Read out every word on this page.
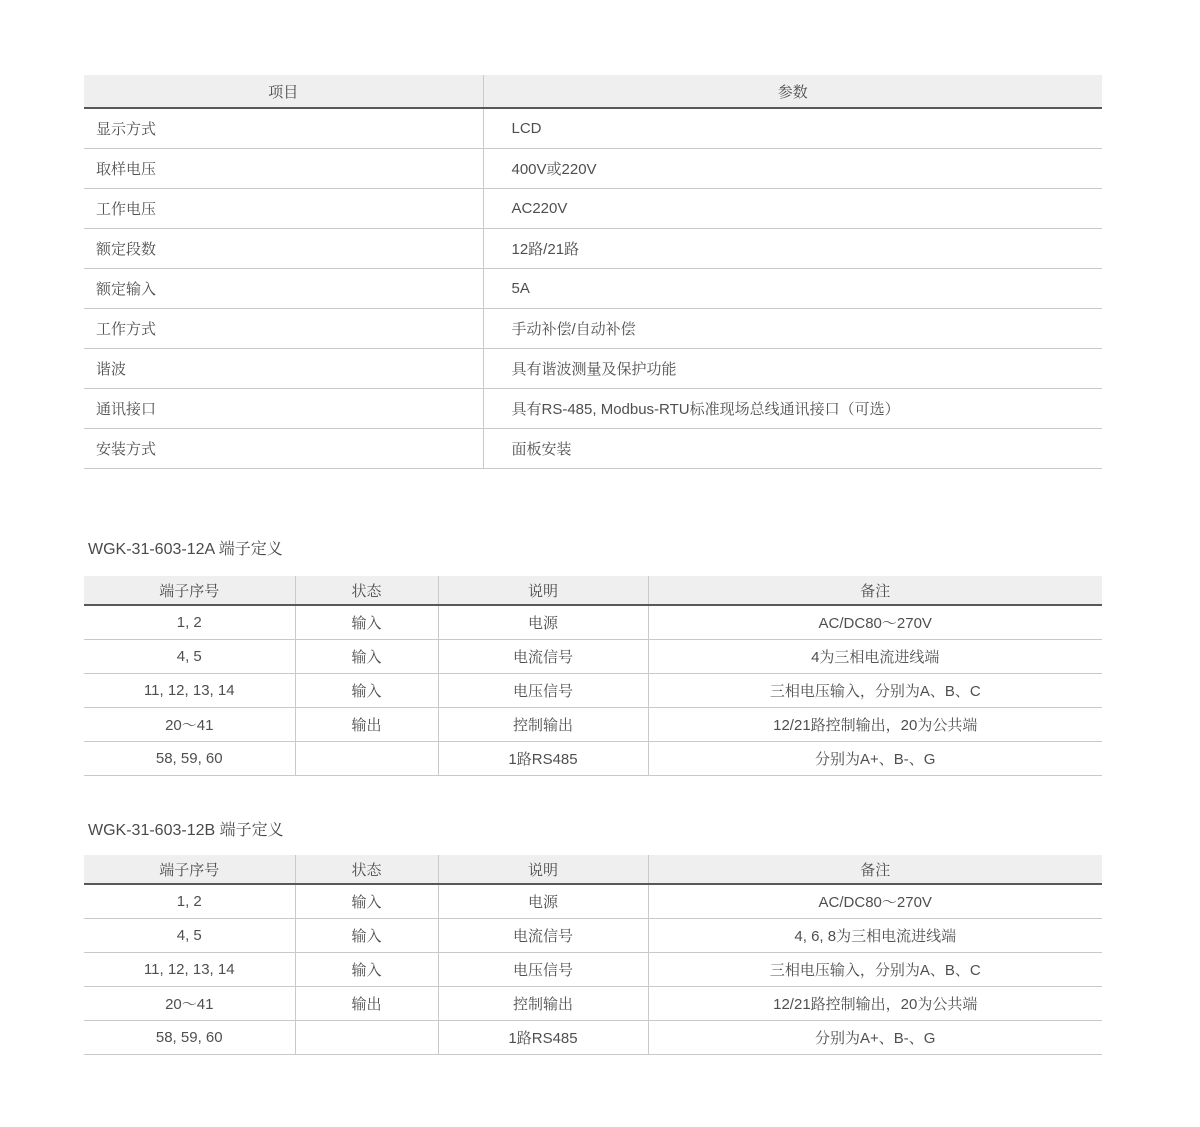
项目	参数
显示方式	LCD
取样电压	400V或220V
工作电压	AC220V
额定段数	12路/21路
额定输入	5A
工作方式	手动补偿/自动补偿
谐波	具有谐波测量及保护功能
通讯接口	具有RS-485, Modbus-RTU标准现场总线通讯接口（可选）
安装方式	面板安装
WGK-31-603-12A 端子定义
端子序号	状态	说明	备注
1, 2	输入	电源	AC/DC80～270V
4, 5	输入	电流信号	4为三相电流进线端
11, 12, 13, 14	输入	电压信号	三相电压输入，分别为A、B、C
20～41	输出	控制输出	12/21路控制输出，20为公共端
58, 59, 60		1路RS485	分别为A+、B-、G
WGK-31-603-12B 端子定义
端子序号	状态	说明	备注
1, 2	输入	电源	AC/DC80～270V
4, 5	输入	电流信号	4, 6, 8为三相电流进线端
11, 12, 13, 14	输入	电压信号	三相电压输入，分别为A、B、C
20～41	输出	控制输出	12/21路控制输出，20为公共端
58, 59, 60		1路RS485	分别为A+、B-、G
